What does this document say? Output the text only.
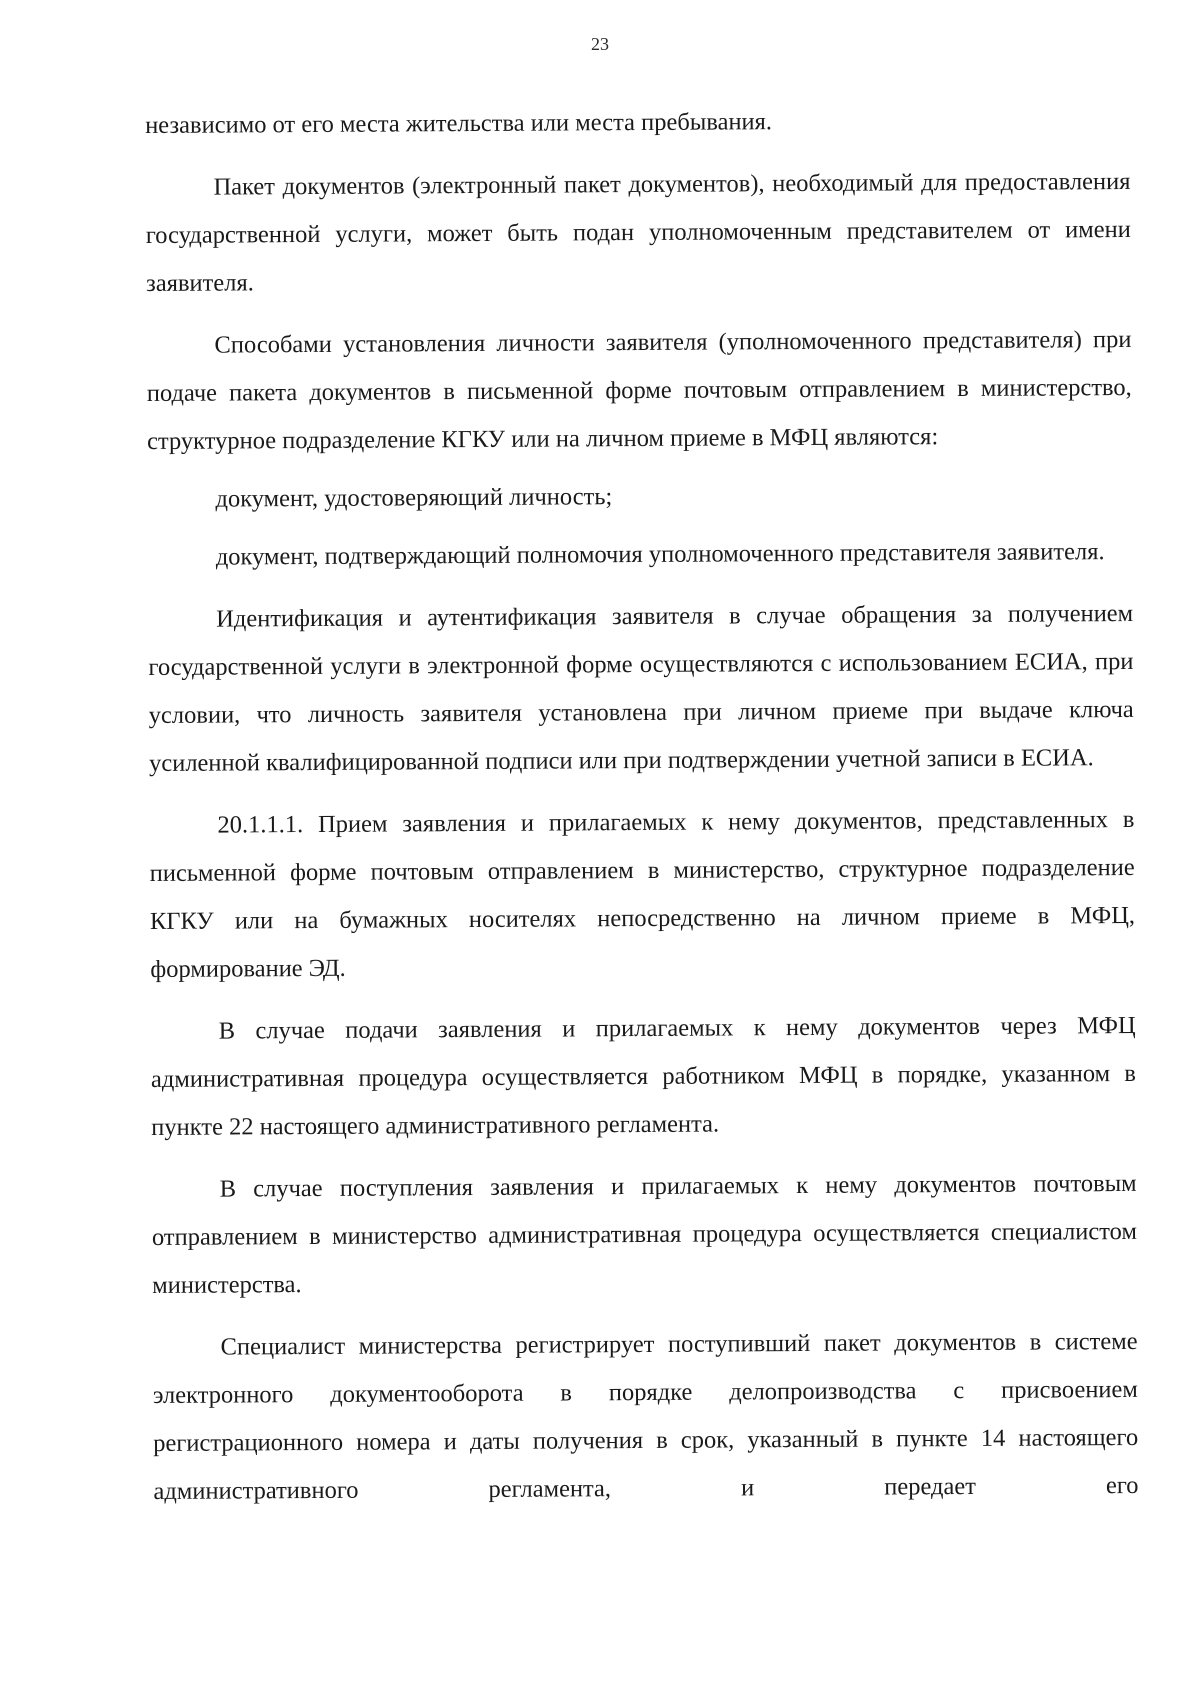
23

независимо от его места жительства или места пребывания.

Пакет документов (электронный пакет документов), необходимый для предоставления государственной услуги, может быть подан уполномоченным представителем от имени заявителя.

Способами установления личности заявителя (уполномоченного представителя) при подаче пакета документов в письменной форме почтовым отправлением в министерство, структурное подразделение КГКУ или на личном приеме в МФЦ являются:

документ, удостоверяющий личность;

документ, подтверждающий полномочия уполномоченного представителя заявителя.

Идентификация и аутентификация заявителя в случае обращения за получением государственной услуги в электронной форме осуществляются с использованием ЕСИА, при условии, что личность заявителя установлена при личном приеме при выдаче ключа усиленной квалифицированной подписи или при подтверждении учетной записи в ЕСИА.

20.1.1.1. Прием заявления и прилагаемых к нему документов, представленных в письменной форме почтовым отправлением в министерство, структурное подразделение КГКУ или на бумажных носителях непосредственно на личном приеме в МФЦ, формирование ЭД.

В случае подачи заявления и прилагаемых к нему документов через МФЦ административная процедура осуществляется работником МФЦ в порядке, указанном в пункте 22 настоящего административного регламента.

В случае поступления заявления и прилагаемых к нему документов почтовым отправлением в министерство административная процедура осуществляется специалистом министерства.

Специалист министерства регистрирует поступивший пакет документов в системе электронного документооборота в порядке делопроизводства с присвоением регистрационного номера и даты получения в срок, указанный в пункте 14 настоящего административного регламента, и передает его
